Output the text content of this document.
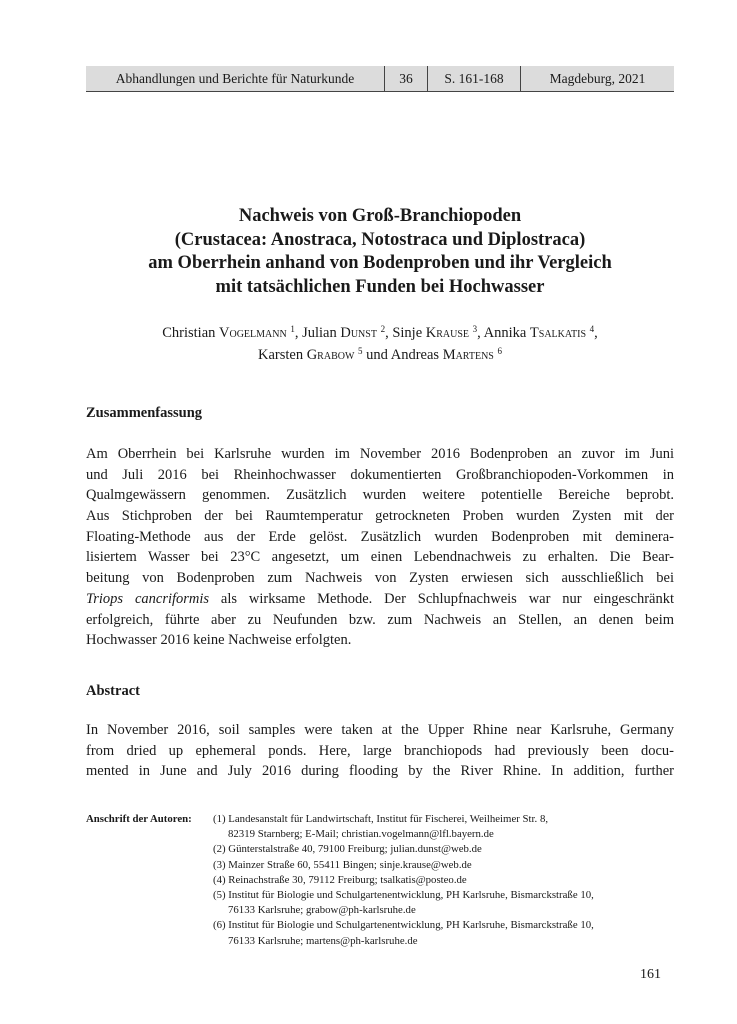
Abhandlungen und Berichte für Naturkunde	36	S. 161-168	Magdeburg, 2021
Nachweis von Groß-Branchiopoden
(Crustacea: Anostraca, Notostraca und Diplostraca)
am Oberrhein anhand von Bodenproben und ihr Vergleich
mit tatsächlichen Funden bei Hochwasser
Christian Vogelmann $^1$, Julian Dunst $^2$, Sinje Krause $^3$, Annika Tsalkatis $^4$,
Karsten Grabow $^5$ und Andreas Martens $^6$
Zusammenfassung
Am Oberrhein bei Karlsruhe wurden im November 2016 Bodenproben an zuvor im Juni
und Juli 2016 bei Rheinhochwasser dokumentierten Großbranchiopoden-Vorkommen in
Qualmgewässern genommen. Zusätzlich wurden weitere potentielle Bereiche beprobt.
Aus Stichproben der bei Raumtemperatur getrockneten Proben wurden Zysten mit der
Floating-Methode aus der Erde gelöst. Zusätzlich wurden Bodenproben mit deminera-
lisiertem Wasser bei 23°C angesetzt, um einen Lebendnachweis zu erhalten. Die Bear-
beitung von Bodenproben zum Nachweis von Zysten erwiesen sich ausschließlich bei
Triops cancriformis als wirksame Methode. Der Schlupfnachweis war nur eingeschränkt
erfolgreich, führte aber zu Neufunden bzw. zum Nachweis an Stellen, an denen beim
Hochwasser 2016 keine Nachweise erfolgten.
Abstract
In November 2016, soil samples were taken at the Upper Rhine near Karlsruhe, Germany
from dried up ephemeral ponds. Here, large branchiopods had previously been docu-
mented in June and July 2016 during flooding by the River Rhine. In addition, further
Anschrift der Autoren: (1) Landesanstalt für Landwirtschaft, Institut für Fischerei, Weilheimer Str. 8,
82319 Starnberg; E-Mail; christian.vogelmann@lfl.bayern.de
(2) Günterstalstraße 40, 79100 Freiburg; julian.dunst@web.de
(3) Mainzer Straße 60, 55411 Bingen; sinje.krause@web.de
(4) Reinachstraße 30, 79112 Freiburg; tsalkatis@posteo.de
(5) Institut für Biologie und Schulgartenentwicklung, PH Karlsruhe, Bismarckstraße 10,
76133 Karlsruhe; grabow@ph-karlsruhe.de
(6) Institut für Biologie und Schulgartenentwicklung, PH Karlsruhe, Bismarckstraße 10,
76133 Karlsruhe; martens@ph-karlsruhe.de
161
